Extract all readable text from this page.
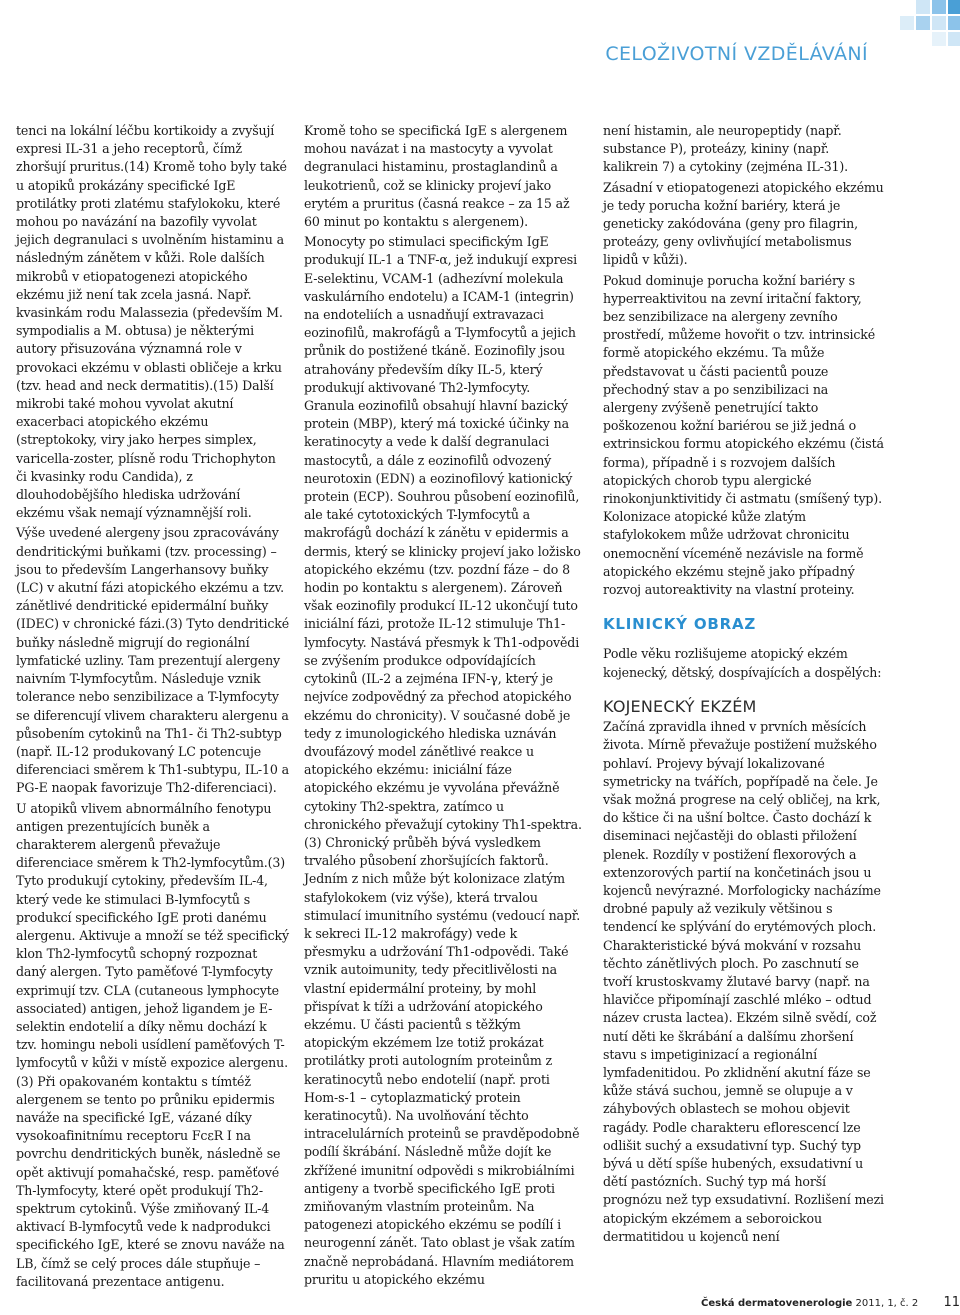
CELOŽIVOTNÍ VZDĚLÁVÁNÍ

tenci na lokální léčbu kortikoidy a zvyšují expresi IL-31 a jeho receptorů, čímž zhoršují pruritus.(14) Kromě toho byly také u atopiků prokázány specifické IgE protilátky proti zlatému stafylokoku, které mohou po navázání na bazofily vyvolat jejich degranulaci s uvolněním histaminu a následným zánětem v kůži. Role dalších mikrobů v etiopatogenezi atopického ekzému již není tak zcela jasná. Např. kvasinkám rodu Malassezia (především M. sympodialis a M. obtusa) je některými autory přisuzována významná role v provokaci ekzému v oblasti obličeje a krku (tzv. head and neck dermatitis).(15) Další mikrobi také mohou vyvolat akutní exacerbaci atopického ekzému (streptokoky, viry jako herpes simplex, varicella-zoster, plísně rodu Trichophyton či kvasinky rodu Candida), z dlouhodobějšího hlediska udržování ekzému však nemají významnější roli.

Výše uvedené alergeny jsou zpracovávány dendritickými buňkami (tzv. processing) – jsou to především Langerhansovy buňky (LC) v akutní fázi atopického ekzému a tzv. zánětlivé dendritické epidermální buňky (IDEC) v chronické fázi.(3) Tyto dendritické buňky následně migrují do regionální lymfatické uzliny. Tam prezentují alergeny naivním T-lymfocytům. Následuje vznik tolerance nebo senzibilizace a T-lymfocyty se diferencují vlivem charakteru alergenu a působením cytokinů na Th1- či Th2-subtyp (např. IL-12 produkovaný LC potencuje diferenciaci směrem k Th1-subtypu, IL-10 a PG-E naopak favorizuje Th2-diferenciaci).

U atopiků vlivem abnormálního fenotypu antigen prezentujících buněk a charakterem alergenů převažuje diferenciace směrem k Th2-lymfocytům.(3) Tyto produkují cytokiny, především IL-4, který vede ke stimulaci B-lymfocytů s produkcí specifického IgE proti danému alergenu. Aktivuje a množí se též specifický klon Th2-lymfocytů schopný rozpoznat daný alergen. Tyto paměťové T-lymfocyty exprimují tzv. CLA (cutaneous lymphocyte associated) antigen, jehož ligandem je E-selektin endotelií a díky němu dochází k tzv. homingu neboli usídlení paměťových T-lymfocytů v kůži v místě expozice alergenu.(3) Při opakovaném kontaktu s tímtéž alergenem se tento po průniku epidermis naváže na specifické IgE, vázané díky vysokoafinitnímu receptoru FcεR I na povrchu dendritických buněk, následně se opět aktivují pomahačské, resp. paměťové Th-lymfocyty, které opět produkují Th2-spektrum cytokinů. Výše zmiňovaný IL-4 aktivací B-lymfocytů vede k nadprodukci specifického IgE, které se znovu naváže na LB, čímž se celý proces dále stupňuje – facilitovaná prezentace antigenu.

Kromě toho se specifická IgE s alergenem mohou navázat i na mastocyty a vyvolat degranulaci histaminu, prostaglandinů a leukotrienů, což se klinicky projeví jako erytém a pruritus (časná reakce – za 15 až 60 minut po kontaktu s alergenem).

Monocyty po stimulaci specifickým IgE produkují IL-1 a TNF-α, jež indukují expresi E-selektinu, VCAM-1 (adhezívní molekula vaskulárního endotelu) a ICAM-1 (integrin) na endoteliích a usnadňují extravazaci eozinofilů, makrofágů a T-lymfocytů a jejich průnik do postižené tkáně. Eozinofily jsou atrahovány především díky IL-5, který produkují aktivované Th2-lymfocyty. Granula eozinofilů obsahují hlavní bazický protein (MBP), který má toxické účinky na keratinocyty a vede k další degranulaci mastocytů, a dále z eozinofilů odvozený neurotoxin (EDN) a eozinofilový kationický protein (ECP). Souhrou působení eozinofilů, ale také cytotoxických T-lymfocytů a makrofágů dochází k zánětu v epidermis a dermis, který se klinicky projeví jako ložisko atopického ekzému (tzv. pozdní fáze – do 8 hodin po kontaktu s alergenem). Zároveň však eozinofily produkcí IL-12 ukončují tuto iniciální fázi, protože IL-12 stimuluje Th1-lymfocyty. Nastává přesmyk k Th1-odpovědi se zvýšením produkce odpovídajících cytokinů (IL-2 a zejména IFN-γ, který je nejvíce zodpovědný za přechod atopického ekzému do chronicity). V současné době je tedy z imunologického hlediska uznáván dvoufázový model zánětlivé reakce u atopického ekzému: iniciální fáze atopického ekzému je vyvolána převážně cytokiny Th2-spektra, zatímco u chronického převažují cytokiny Th1-spektra.(3) Chronický průběh bývá vysledkem trvalého působení zhoršujících faktorů. Jedním z nich může být kolonizace zlatým stafylokokem (viz výše), která trvalou stimulací imunitního systému (vedoucí např. k sekreci IL-12 makrofágy) vede k přesmyku a udržování Th1-odpovědi. Také vznik autoimunity, tedy přecitlivělosti na vlastní epidermální proteiny, by mohl přispívat k tíži a udržování atopického ekzému. U části pacientů s těžkým atopickým ekzémem lze totiž prokázat protilátky proti autologním proteinům z keratinocytů nebo endotelií (např. proti Hom-s-1 – cytoplazmatický protein keratinocytů). Na uvolňování těchto intracelulárních proteinů se pravděpodobně podílí škrábání. Následně může dojít ke zkřížené imunitní odpovědi s mikrobiálními antigeny a tvorbě specifického IgE proti zmiňovaným vlastním proteinům. Na patogenezi atopického ekzému se podílí i neurogenní zánět. Tato oblast je však zatím značně neprobádaná. Hlavním mediátorem pruritu u atopického ekzému

není histamin, ale neuropeptidy (např. substance P), proteázy, kininy (např. kalikrein 7) a cytokiny (zejména IL-31).

Zásadní v etiopatogenezi atopického ekzému je tedy porucha kožní bariéry, která je geneticky zakódována (geny pro filagrin, proteázy, geny ovlivňující metabolismus lipidů v kůži).

Pokud dominuje porucha kožní bariéry s hyperreaktivitou na zevní iritační faktory, bez senzibilizace na alergeny zevního prostředí, můžeme hovořit o tzv. intrinsické formě atopického ekzému. Ta může představovat u části pacientů pouze přechodný stav a po senzibilizaci na alergeny zvýšeně penetrující takto poškozenou kožní bariérou se již jedná o extrinsickou formu atopického ekzému (čistá forma), případně i s rozvojem dalších atopických chorob typu alergické rinokonjunktivitidy či astmatu (smíšený typ). Kolonizace atopické kůže zlatým stafylokokem může udržovat chronicitu onemocnění víceméně nezávisle na formě atopického ekzému stejně jako případný rozvoj autoreaktivity na vlastní proteiny.

KLINICKÝ OBRAZ

Podle věku rozlišujeme atopický ekzém kojenecký, dětský, dospívajících a dospělých:

KOJENECKÝ EKZÉM

Začíná zpravidla ihned v prvních měsících života. Mírně převažuje postižení mužského pohlaví. Projevy bývají lokalizované symetricky na tvářích, popřípadě na čele. Je však možná progrese na celý obličej, na krk, do kštice či na ušní boltce. Často dochází k diseminaci nejčastěji do oblasti přiložení plenek. Rozdíly v postižení flexorových a extenzorových partií na končetinách jsou u kojenců nevýrazné. Morfologicky nacházíme drobné papuly až vezikuly většinou s tendencí ke splývání do erytémových ploch. Charakteristické bývá mokvání v rozsahu těchto zánětlivých ploch. Po zaschnutí se tvoří krustoskvamy žlutavé barvy (např. na hlavičce připomínají zaschlé mléko – odtud název crusta lactea). Ekzém silně svědí, což nutí děti ke škrábání a dalšímu zhoršení stavu s impetiginizací a regionální lymfadenitidou. Po zklidnění akutní fáze se kůže stává suchou, jemně se olupuje a v záhybových oblastech se mohou objevit ragády. Podle charakteru eflorescencí lze odlišit suchý a exsudativní typ. Suchý typ bývá u dětí spíše hubených, exsudativní u dětí pastózních. Suchý typ má horší prognózu než typ exsudativní. Rozlišení mezi atopickým ekzémem a seboroickou dermatitidou u kojenců není

Česká dermatovenerologie 2011, 1, č. 2 11
